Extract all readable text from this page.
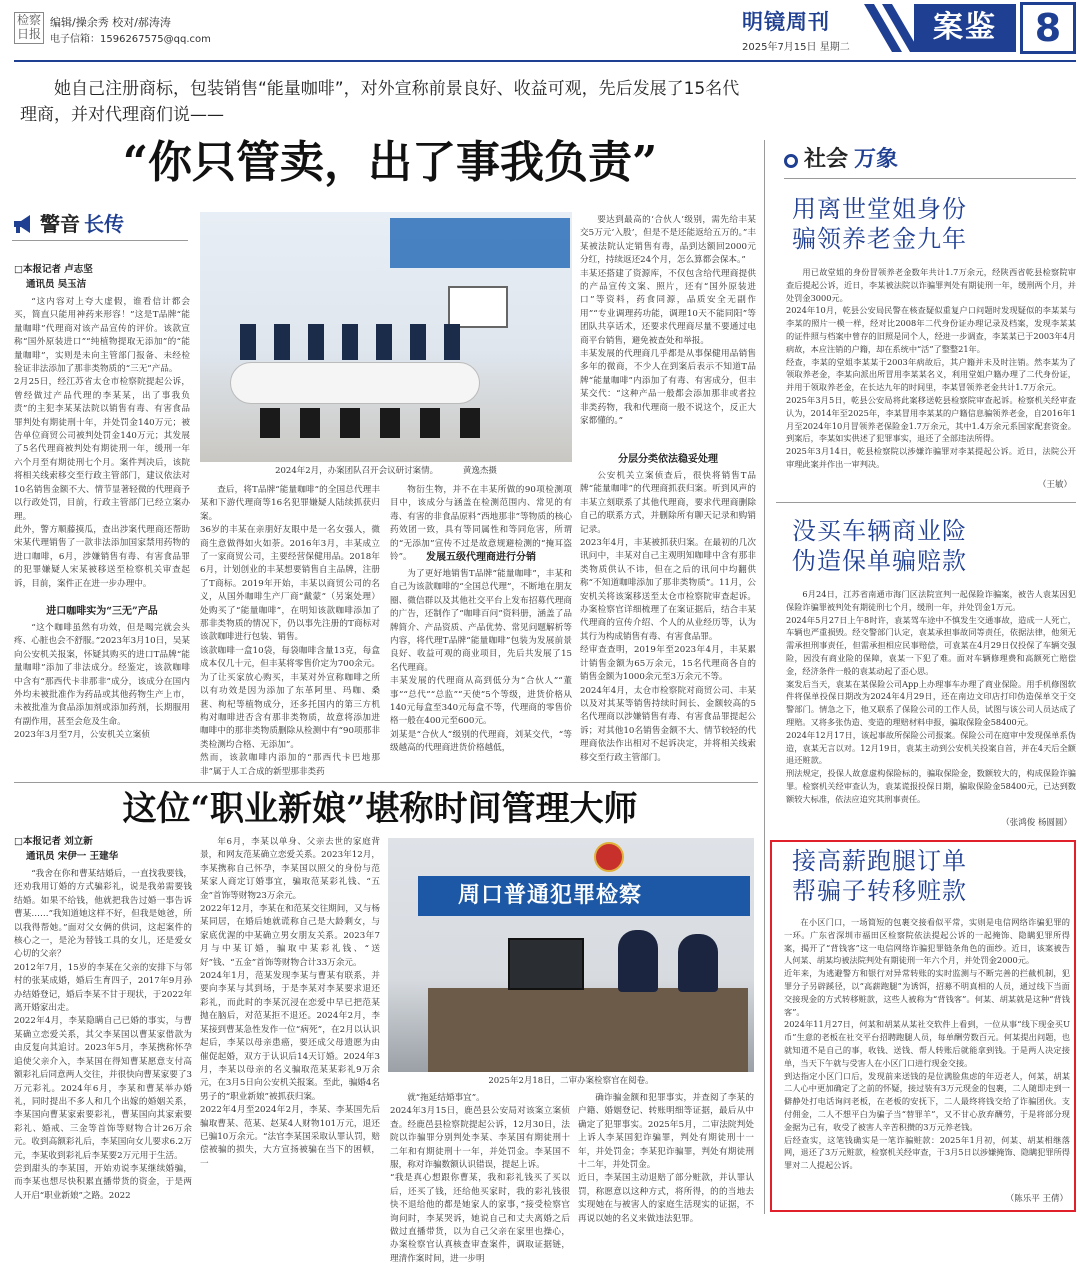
检察
日报
编辑/操余秀 校对/郝涛涛
电子信箱：1596267575@qq.com
明镜周刊
2025年7月15日 星期二
案鉴 8
她自己注册商标，包装销售“能量咖啡”，对外宣称前景良好、收益可观，先后发展了15名代理商，并对代理商们说——
“你只管卖，出了事我负责”
警音 长传
□本报记者 卢志坚
通讯员 吴玉洁
“这内容对上夸大虚假，谁看信计都会买，简直只能用神药来形容！”这是T品牌“能量咖啡”代理商对该产品宣传的评价。该款宣称“国外原装进口”“纯植物提取无添加”的“能量咖啡”，实则是未向主管部门报备、未经检验证非法添加了那非类物质的“三无”产品。
2月25日，经江苏省太仓市检察院提起公诉，曾经做过产品代理的李某某，出了事我负责”的主犯李某某法院以销售有毒、有害食品罪判处有期徒刑十年，并处罚金140万元；被告单位商贸公司被判处罚金140万元；其发展了5名代理商被判处有期徒刑一年，缓刑一年六个月至有期徒刑七个月。案件判决后，该院将相关线索移交至行政主管部门，建议依法对10名销售金额不大、情节显著轻微的代理商予以行政处罚，目前，行政主管部门已经立案办理。
此外，警方顺藤摸瓜，查出涉案代理商还帮助宋某代理销售了一款非法添加国家禁用药物的进口咖啡，6月，涉嫌销售有毒、有害食品罪的犯罪嫌疑人宋某被移送至检察机关审查起诉，目前，案件正在进一步办理中。
进口咖啡实为“三无”产品
“这个咖啡虽然有功效，但是喝完就会头疼、心脏也会不舒服。”2023年3月10日，吴某向公安机关报案，怀疑其购买的进口T品牌“能量咖啡”添加了非法成分。经鉴定，该款咖啡中含有“那西代卡非那非”成分，该成分在国内外均未被批准作为药品或其他药物生产上市，未被批准为食品添加剂或添加药剂，长期服用有副作用，甚至会危及生命。
2023年3月至7月，公安机关立案侦
2024年2月，办案团队召开会议研讨案情。	黄逸杰摄
查后，将T品牌“能量咖啡”的全国总代理丰某和下游代理商等16名犯罪嫌疑人陆续抓获归案。
36岁的丰某在亲朋好友眼中是一名女强人，微商生意做得如火如荼。2016年3月，丰某成立了一家商贸公司，主要经营保健用品。2018年6月，计划创业的丰某想要销售自主品牌，注册了T商标。2019年开始，丰某以商贸公司的名义，从国外咖啡生产厂商“戴蒙”（另案处理）处购买了“能量咖啡”，在明知该款咖啡添加了那非类物质的情况下，仍以事先注册的T商标对该款咖啡进行包装、销售。
该款咖啡一盒10袋，每袋咖啡含量13克，每盒成本仅几十元，但丰某将零售价定为700余元。为了让买家放心购买，丰某对外宣称咖啡之所以有功效是因为添加了东革阿里、玛咖、桑葚、枸杞等植物成分，还多托国内的第三方机构对咖啡进否含有那非类物质，故意将添加进咖啡中的那非类物质删除从检测中有“90项那非类检测均合格、无添加”。
然而，该款咖啡内添加的“那西代卡巴地那非”属于人工合成的新型那非类药
物衍生物，并不在丰某所做的90项检测项目中，该成分与涵盖在检测范围内、常见的有毒、有害的非食品原料“西地那非”等物质的核心药效团一致，具有等同属性和等同危害，所谓的“无添加”宣传不过是故意规避检测的“掩耳盗铃”。	发展五级代理商进行分销
为了更好地销售T品牌“能量咖啡”，丰某和自己为该款咖啡的“全国总代理”，不断地在朋友圈、微信群以及其他社交平台上发布招募代理商的广告，还制作了“咖啡百问”资料册，涵盖了品牌简介、产品资质、产品优势、常见问题解析等内容，将代理T品牌“能量咖啡”包装为发展前景良好、收益可观的商业项目，先后共发展了15名代理商。
丰某发展的代理商从高到低分为“合伙人”“董事”“总代”“总监”“天使”5个等级，进货价格从140元每盒至340元每盒不等，代理商的零售价格一般在400元至600元。
刘某是“合伙人”级别的代理商，刘某交代，“等级越高的代理商进货价格越低，
要达到最高的‘合伙人’级别，需先给丰某交5万元‘入股’，但是不是还能返给五万的。”丰某被法院认定销售有毒，品到达额回2000元分红，持续返还24个月，怎么算都会保本。”
丰某还搭建了资源库，不仅包含给代理商提供的产品宣传文案、照片，还有“国外原装进口”等资料，药食同源，品质安全无副作用”“专业调理药功能，调理10天不能同阳”等团队共享话术，还要求代理商尽量不要通过电商平台销售，避免被查处和举报。
丰某发展的代理商几乎都是从事保健用品销售多年的微商，不少人在到案后表示不知道T品牌“能量咖啡”内添加了有毒、有害成分，但丰某交代：“这种产品一般都会添加那非或者拉非类药物，我和代理商一般不说这个，反正大家都懂的。”
分层分类依法稳妥处理
公安机关立案侦查后，很快将销售T品牌“能量咖啡”的代理商抓获归案。听到风声的丰某立刻联系了其他代理商，要求代理商删除自己的联系方式，并删除所有聊天记录和购销记录。
2023年4月，丰某被抓获归案。在最初的几次讯问中，丰某对自己主观明知咖啡中含有那非类物质供认不讳，但在之后的讯问中均翻供称“不知道咖啡添加了那非类物质”。11月，公安机关将该案移送至太仓市检察院审查起诉。办案检察官详细梳理了在案证据后，结合丰某代理商的宣传介绍、个人的从业经历等，认为其行为构成销售有毒、有害食品罪。
经审查查明，2019年至2023年4月，丰某累计销售金额为65万余元，15名代理商各自的销售金额为1000余元至3万余元不等。
2024年4月，太仓市检察院对商贸公司、丰某以及对其某等销售持续时间长、金额较高的5名代理商以涉嫌销售有毒、有害食品罪提起公诉；对其他10名销售金额不大、情节较轻的代理商依法作出相对不起诉决定，并将相关线索移交至行政主管部门。
这位“职业新娘”堪称时间管理大师
□本报记者 刘立新
通讯员 宋伊一 王建华
“我舍在你和曹某结婚后，一直找我要钱，还劝我用订婚的方式骗彩礼，说是我弟需要钱结婚。如果不给钱，他就把我告过婚一事告诉曹某……”我知道她这样不好，但我是她爸，所以我得帮她。”面对父女俩的供词，这起案件的核心之一，是沦为替钱工具的女儿，还是爱女心切的父亲？
2012年7月，15岁的李某在父亲的安排下与邻村的张某成婚，婚后生育四子，2017年9月孙办结婚登记，婚后李某不甘于现状，于2022年离开婚家出走。
2022年4月，李某隐瞒自己已婚的事实，与曹某确立恋爱关系，其父李某国以曹某家借款为由反复向其追讨。2023年5月，李某携称怀孕追使父亲介入，李某国在得知曹某愿意支付高额彩礼后同意两人交往，并很快向曹某家要了3万元彩礼。2024年6月，李某和曹某举办婚礼，同时提出不多人和几个出嫁的婚姻关系，李某国向曹某家索要彩礼，曹某国向其家索要彩礼、婚戒、三金等首饰等财物合计26万余元。收到高额彩礼后，李某国向女儿要求6.2万元，李某收到彩礼后李某要2万元用于生活。
尝到甜头的李某国，开始劝说李某继续婚骗，而李某也想尽快积累直播带货的资金，于是两人开启“职业新娘”之路。2022
年6月，李某以单身、父亲去世的家庭背景，和网友范某确立恋爱关系。2023年12月，李某携称自己怀孕，李某国以照父的身份与范某家人商定订婚事宜，骗取范某彩礼钱、“五金”首饰等财物23万余元。
2022年12月，李某在和范某交往期间，又与杨某同居，在婚后她就谎称自己是大龄剩女，与家底优渥的中某确立男女朋友关系。2023年7月与中某订婚，骗取中某彩礼钱、“送好”钱、“五金”首饰等财物合计33万余元。
2024年1月，范某发现李某与曹某有联系，并要向李某与其到场，于是李某对李某要求退还彩礼，而此时的李某沉浸在恋爱中早已把范某抛在脑后，对范某拒不退还。2024年2月，李某接到曹某急性发作一位“病死”，在2月以认识起后，李某以母亲患癌，要还成父母遗愿为由催促起婚，双方于认识后14天订婚。2024年3月，李某以母亲的名义骗取范某某彩礼9万余元，在3月5日向公安机关报案。至此，骗婚4名男子的“职业新娘”被抓获归案。
2022年4月至2024年2月，李某、李某国先后骗取曹某、范某、赵某4人财物101万元，退还已骗10万余元。“法官李某国采取认罪认罚，赔偿被骗的损失，大方宣扬被骗在当下的困顿，一
周口普通犯罪检察
2025年2月18日，二审办案检察官在阅卷。
就“拖延结婚事宜”。
2024年3月15日，鹿邑县公安局对该案立案侦查。经鹿邑县检察院提起公诉，12月30日，法院以诈骗罪分别判处李某、李某国有期徒刑十二年和有期徒刑十一年，并处罚金。李某国不服，称对诈骗数额认识错误，提起上诉。
“我是真心想跟你曹某，我和彩礼钱买了买以后，还买了钱，还给他买家时，我的彩礼钱很快不退给他的都是她家人的家事，”接受检察官询问时，李某哭诉，她说自己和丈夫离婚之后做过直播带货，以为自己父亲在家里也操心，办案检察官认真核查审查案件，调取证据链，理清作案时间，进一步明
确诈骗金额和犯罪事实，并查阅了李某的户籍、婚姻登记、转账明细等证据，最后从中确定了犯罪事实。2025年5月，二审法院判处上诉人李某国犯诈骗罪，判处有期徒刑十一年，并处罚金；李某犯诈骗罪，判处有期徒刑十二年，并处罚金。
近日，李某国主动退赔了部分赃款，并认罪认罚，称愿意以这种方式，将所得，的的当地去实现她在与被害人的家庭生活现实的证据，不再说以她的名义来做违法犯罪。
社会 万象
用离世堂姐身份
骗领养老金九年
用已故堂姐的身份冒领养老金数年共计1.7万余元，经陕西省乾县检察院审查后提起公诉，近日，李某被法院以诈骗罪判处有期徒刑一年，缓刑两个月，并处罚金3000元。
2024年10月，乾县公安局民警在核查疑似重复户口问题时发现疑似的李某某与李某的照片一模一样，经对比2008年二代身份证办理记录及档案，发现李某某的证件照与档案中曾存的旧照是同个人，经进一步调查，李某某已于2003年4月病故，本应注销的户籍，却在系统中“活”了整整21年。
经查，李某的堂姐李某某于2003年病故后，其户籍并未及时注销。然李某为了领取养老金，李某向派出所冒用李某某名义，利用堂姐户籍办理了二代身份证，并用于领取养老金，在长达九年的时间里，李某冒领养老金共计1.7万余元。
2025年3月5日，乾县公安局将此案移送乾县检察院审查起诉。检察机关经审查认为，2014年至2025年，李某冒用李某某的户籍信息骗领养老金，自2016年1月至2024年10月冒领养老保险金1.7万余元，其中1.4万余元系国家配套资金。到案后，李某如实供述了犯罪事实，退还了全部违法所得。
2025年3月14日，乾县检察院以涉嫌诈骗罪对李某提起公诉。近日，法院公开审理此案并作出一审判决。
（王敏）
没买车辆商业险
伪造保单骗赔款
6月24日，江苏省南通市海门区法院宣判一起保险诈骗案，被告人袁某因犯保险诈骗罪被判处有期徒刑七个月，缓刑一年，并处罚金1万元。
2024年5月27日上午8时许，袁某驾车途中不慎发生交通事故，造成一人死亡，车辆也严重损毁。经交警部门认定，袁某承担事故同等责任，依据法律，他须无需承担刑事责任，但需承担相应民事赔偿，可袁某在4月29日仅投保了车辆交强险，因没有商业险的保障，袁某一下犯了难。面对车辆修理费和高额死亡赔偿金，经济条件一般的袁某动起了歪心思。
案发后当天，袁某在某保险公司App上办理事车办理了商业保险。用手机修图软件将保单投保日期改为2024年4月29日，还在南边文印店打印伪造保单交于交警部门。情急之下，他又联系了保险公司的工作人员，试图与该公司人员达成了理赔。又将多张伪造、变造的理赔材料申报，骗取保险金58400元。
2024年12月17日，该起事故所保险公司报案。保险公司在庭审中发现保单系伪造，袁某无言以对。12月19日，袁某主动到公安机关投案自首，并在4天后全额退还赃款。
刑法规定，投保人故意虚构保险标的，骗取保险金，数额较大的，构成保险诈骗罪。检察机关经审查认为，袁某谎报投保日期，骗取保险金58400元，已达到数额较大标准，依法应追究其刑事责任。
（张鸿俊 杨圆圆）
接高薪跑腿订单
帮骗子转移赃款
在小区门口，一场简短的包裹交接看似平常，实则是电信网络诈骗犯罪的一环。广东省深圳市福田区检察院依法提起公诉的一起掩饰、隐瞒犯罪所得案，揭开了“背钱客”这一电信网络诈骗犯罪链条角色的面纱。近日，该案被告人何某、胡某均被法院判处有期徒刑一年六个月，并处罚金2000元。
近年来，为逃避警方和银行对异常转账的实时监测与不断完善的拦截机制，犯罪分子另辟蹊径，以“高薪跑腿”为诱饵，招募不明真相的人员，通过线下当面交接现金的方式转移赃款，这些人被称为“背钱客”。何某、胡某就是这种“背钱客”。
2024年11月27日，何某和胡某从某社交软件上看到，一位从事“线下现金买U币”生意的老板在社交平台招聘跑腿人员，每单酬劳数百元。何某提出问题，也就知道不是自己的事，收钱、送钱、帮人转账后就能拿到钱。于是两人决定接单，当天下午就与受害人在小区门口进行现金交接。
到达指定小区门口后，发现前来送钱的是位满脸焦虑的年迈老人，何某，胡某二人心中更加确定了之前的怀疑，接过装有3万元现金的包裹，二人随即走到一僻静处打电话询问老板，在老板的安抚下，二人最终将钱交给了诈骗团伙。支付佣金，二人不想平白为骗子当“替罪羊”，又不甘心放弃酬劳，于是将部分现金据为己有，收受了被害人辛苦积攒的3万元养老钱。
后经查实，这笔钱确实是一笔诈骗赃款：2025年1月初，何某、胡某相继落网，退还了3万元赃款，检察机关经审查，于3月5日以涉嫌掩饰、隐瞒犯罪所得罪对二人提起公诉。
（陈乐平 王倩）
